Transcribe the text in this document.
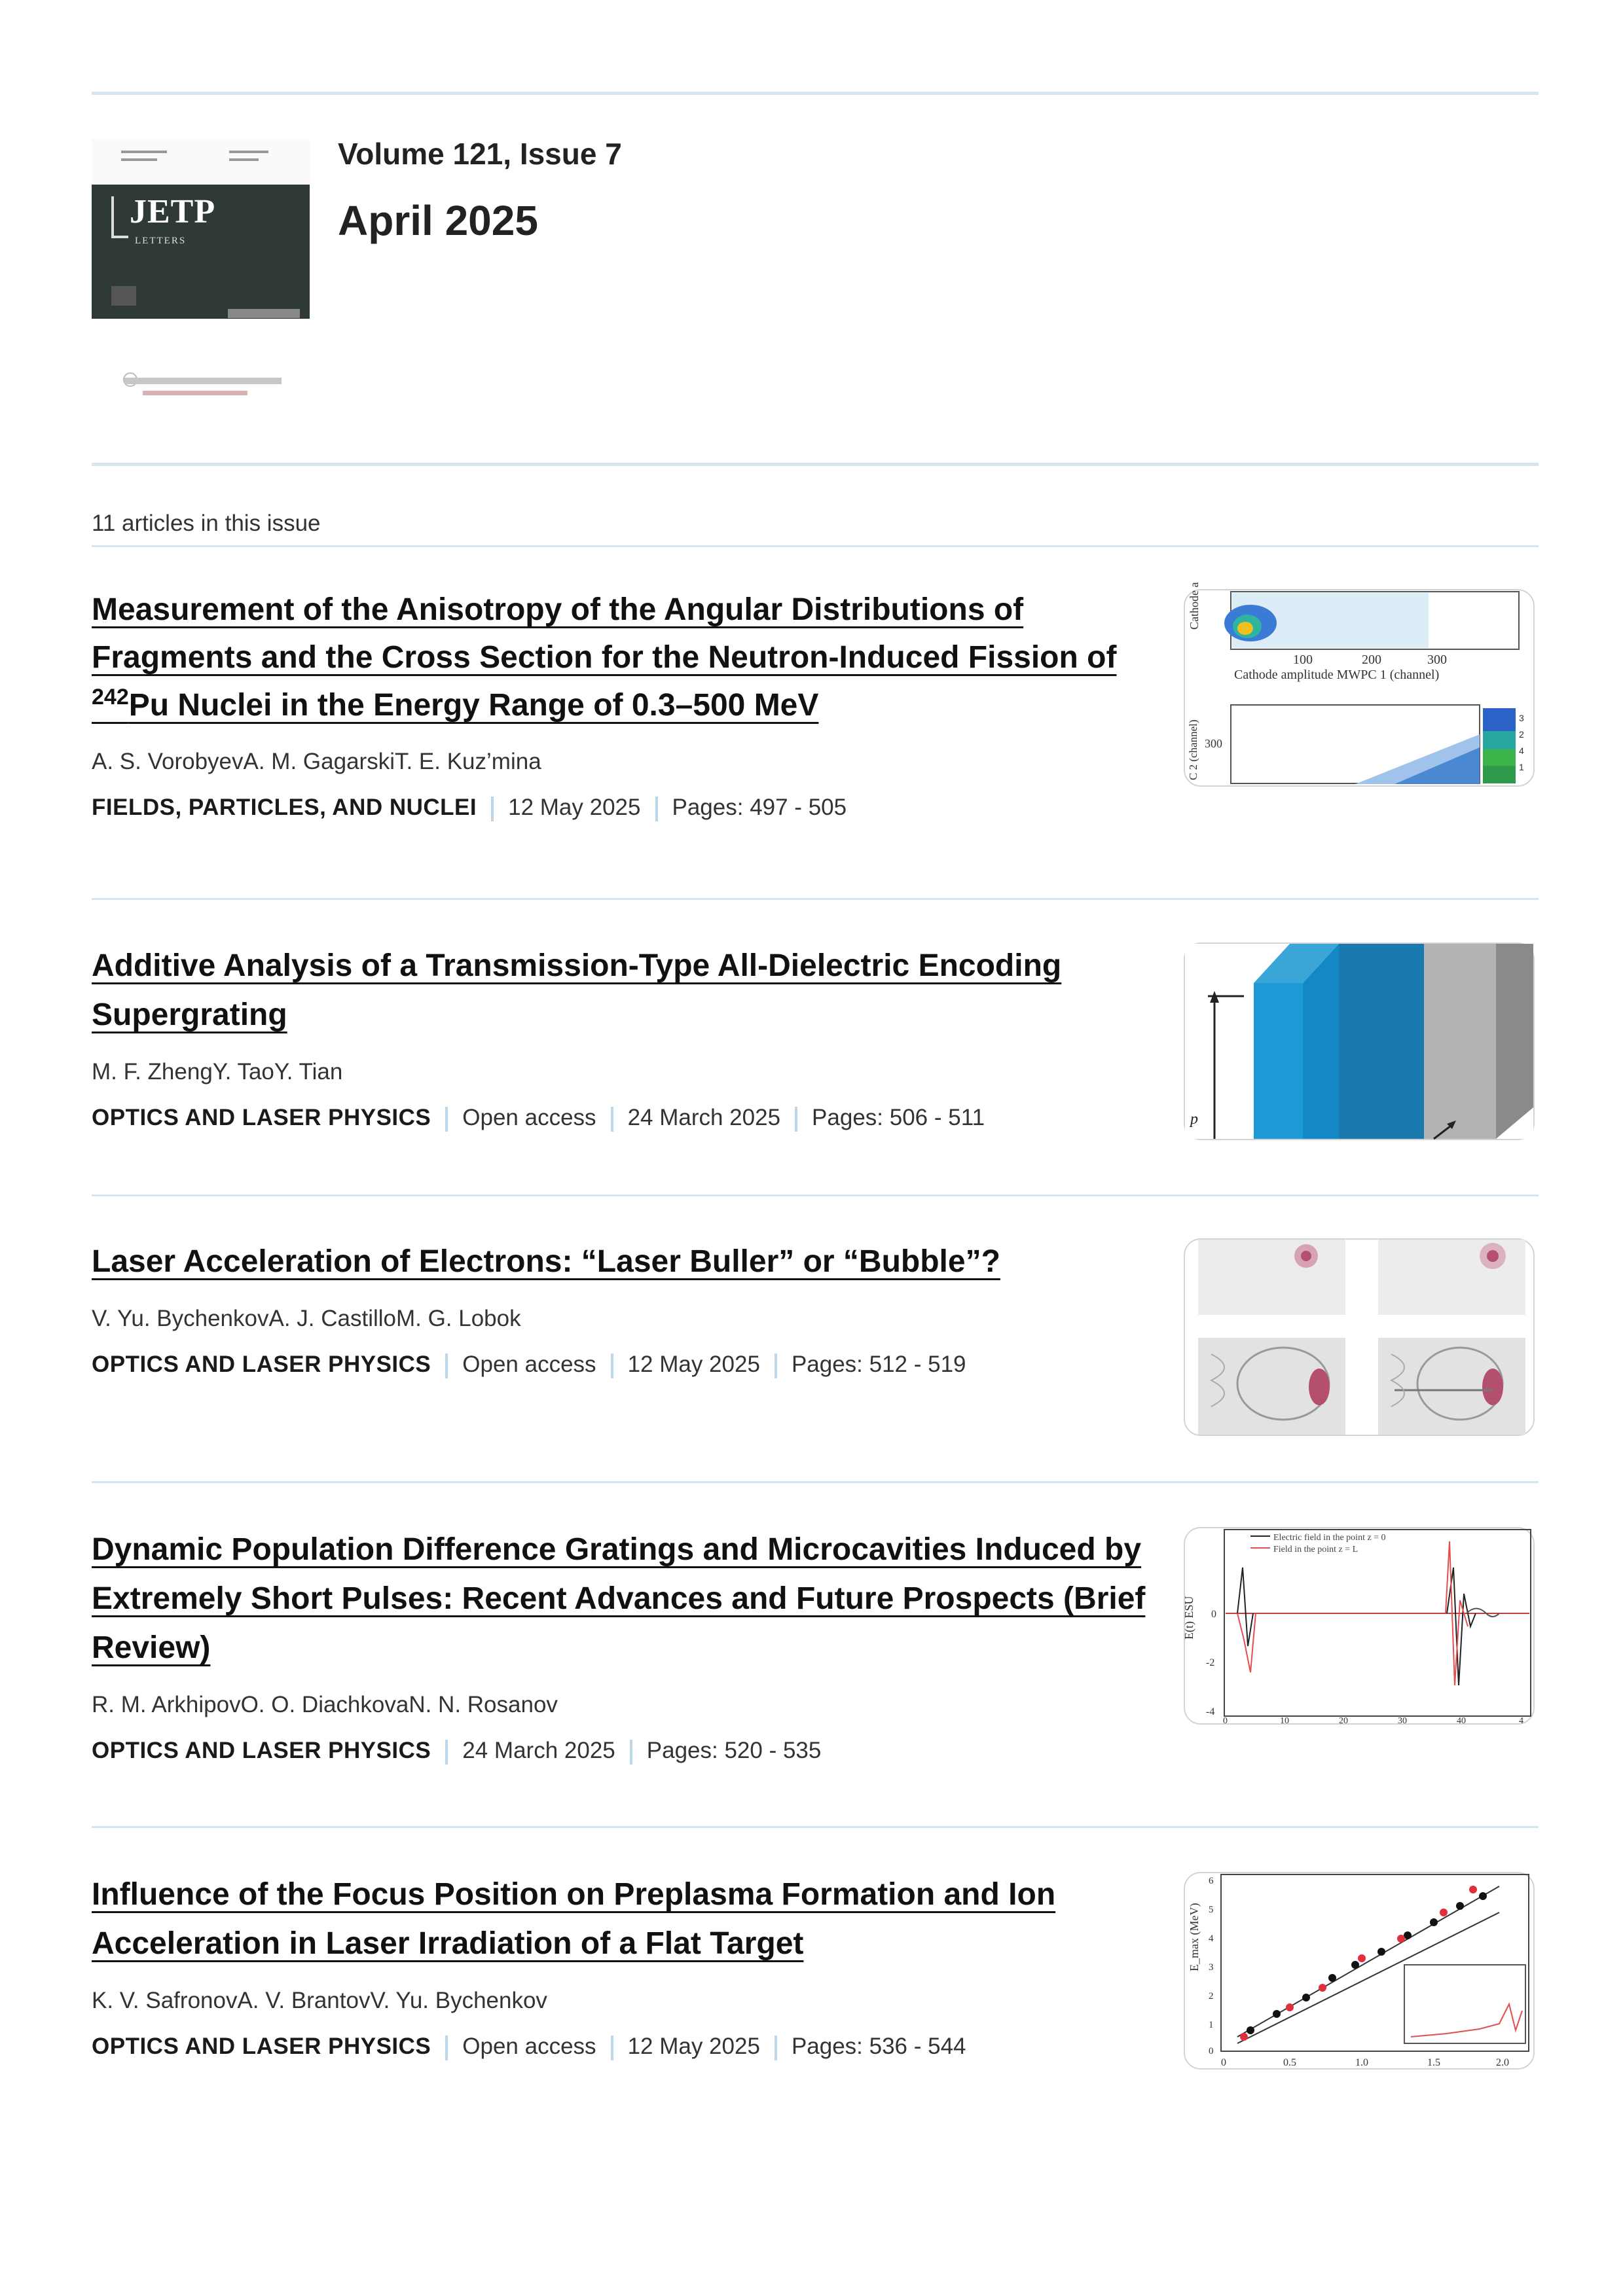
JETP
LETTERS
Volume 121, Issue 7
April 2025
11 articles in this issue
Measurement of the Anisotropy of the Angular Distributions of Fragments and the Cross Section for the Neutron-Induced Fission of $^{242}$Pu Nuclei in the Energy Range of 0.3–500 MeV
A. S. VorobyevA. M. GagarskiT. E. Kuz’mina
FIELDS, PARTICLES, AND NUCLEI 12 May 2025 Pages: 497 - 505
100	200	300
Cathode amplitude MWPC 1 (channel)
Cathode a
300
C 2 (channel)
3
2
4
1
Additive Analysis of a Transmission-Type All-Dielectric Encoding Supergrating
M. F. ZhengY. TaoY. Tian
OPTICS AND LASER PHYSICS Open access 24 March 2025 Pages: 506 - 511	p
Laser Acceleration of Electrons: “Laser Buller” or “Bubble”?
V. Yu. BychenkovA. J. CastilloM. G. Lobok
OPTICS AND LASER PHYSICS Open access 12 May 2025 Pages: 512 - 519
Dynamic Population Difference Gratings and Microcavities Induced by Extremely Short Pulses: Recent Advances and Future Prospects (Brief Review)
R. M. ArkhipovO. O. DiachkovaN. N. Rosanov
OPTICS AND LASER PHYSICS 24 March 2025 Pages: 520 - 535
Electric field in the point z = 0
Field in the point z = L
E(t) ESU 0
-2
-4
0	10	20	30	40	4
Influence of the Focus Position on Preplasma Formation and Ion Acceleration in Laser Irradiation of a Flat Target
K. V. SafronovA. V. BrantovV. Yu. Bychenkov
OPTICS AND LASER PHYSICS Open access 12 May 2025 Pages: 536 - 544
E_max (MeV)
6
5
4
3
2
1
0
0	0.5	1.0	1.5	2.0
